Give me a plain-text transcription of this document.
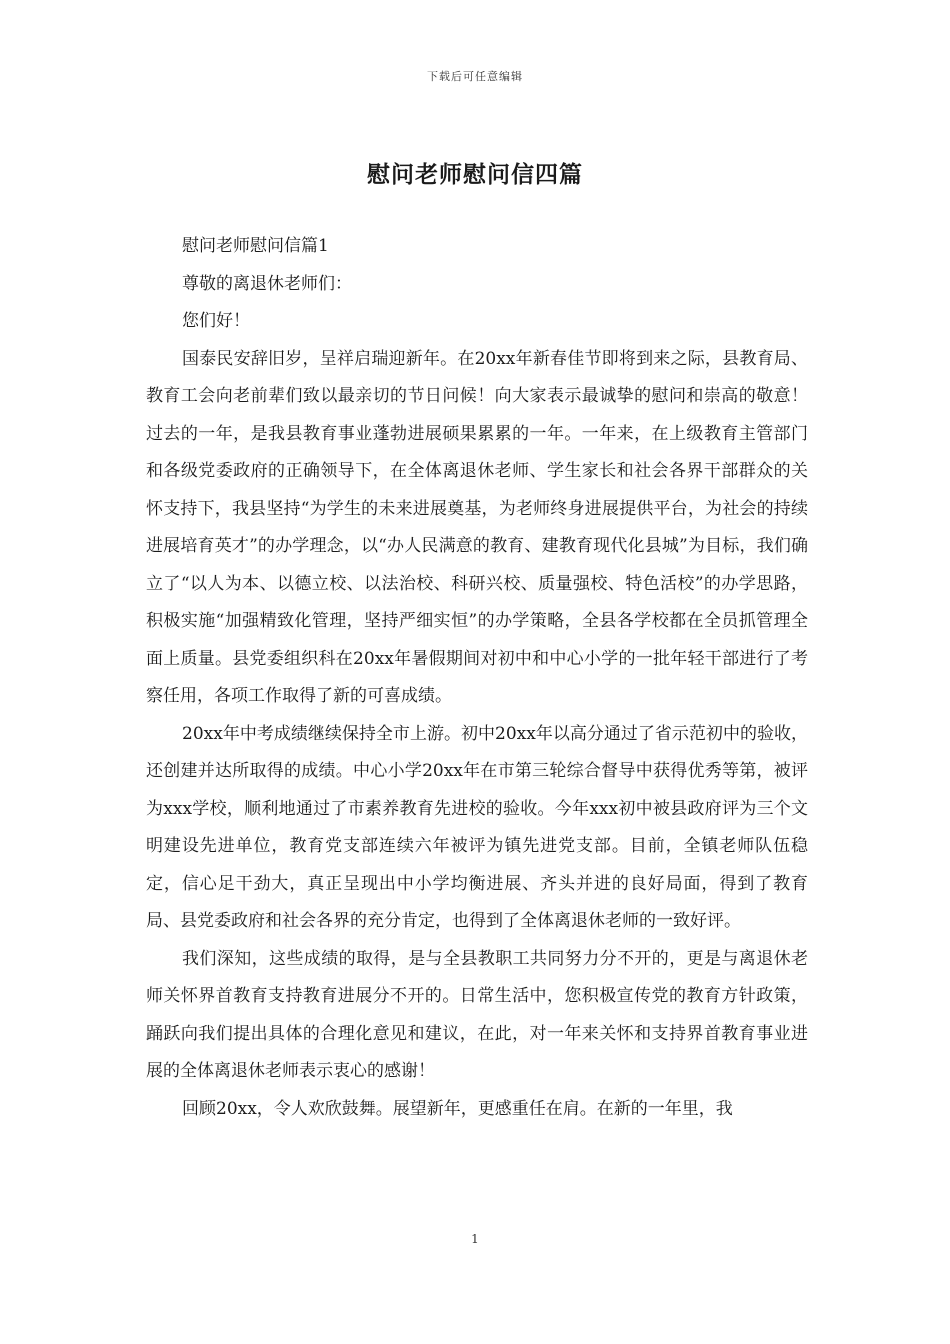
下载后可任意编辑
慰问老师慰问信四篇

慰问老师慰问信篇1

尊敬的离退休老师们：

您们好！

国泰民安辞旧岁，呈祥启瑞迎新年。在20xx年新春佳节即将到来之际，县教育局、教育工会向老前辈们致以最亲切的节日问候！向大家表示最诚挚的慰问和崇高的敬意！过去的一年，是我县教育事业蓬勃进展硕果累累的一年。一年来，在上级教育主管部门和各级党委政府的正确领导下，在全体离退休老师、学生家长和社会各界干部群众的关怀支持下，我县坚持“为学生的未来进展奠基，为老师终身进展提供平台，为社会的持续进展培育英才”的办学理念，以“办人民满意的教育、建教育现代化县城”为目标，我们确立了“以人为本、以德立校、以法治校、科研兴校、质量强校、特色活校”的办学思路，积极实施“加强精致化管理，坚持严细实恒”的办学策略，全县各学校都在全员抓管理全面上质量。县党委组织科在20xx年暑假期间对初中和中心小学的一批年轻干部进行了考察任用，各项工作取得了新的可喜成绩。

20xx年中考成绩继续保持全市上游。初中20xx年以高分通过了省示范初中的验收，还创建并达所取得的成绩。中心小学20xx年在市第三轮综合督导中获得优秀等第，被评为xxx学校，顺利地通过了市素养教育先进校的验收。今年xxx初中被县政府评为三个文明建设先进单位，教育党支部连续六年被评为镇先进党支部。目前，全镇老师队伍稳定，信心足干劲大，真正呈现出中小学均衡进展、齐头并进的良好局面，得到了教育局、县党委政府和社会各界的充分肯定，也得到了全体离退休老师的一致好评。

我们深知，这些成绩的取得，是与全县教职工共同努力分不开的，更是与离退休老师关怀界首教育支持教育进展分不开的。日常生活中，您积极宣传党的教育方针政策，踊跃向我们提出具体的合理化意见和建议，在此，对一年来关怀和支持界首教育事业进展的全体离退休老师表示衷心的感谢！

回顾20xx，令人欢欣鼓舞。展望新年，更感重任在肩。在新的一年里，我

1
